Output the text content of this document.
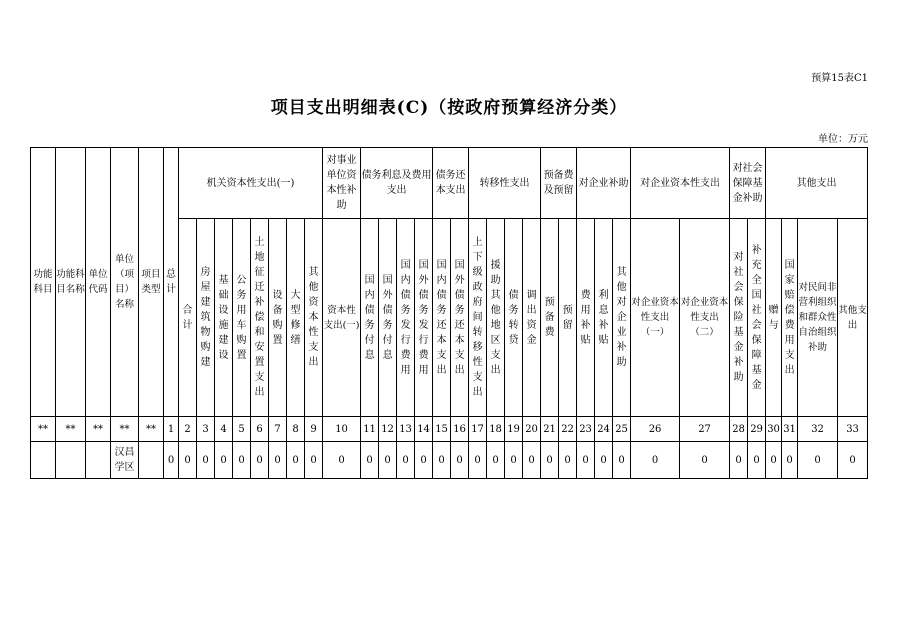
预算15表C1
项目支出明细表(C)（按政府预算经济分类）
单位：万元
功能科目	功能科目名称	单位代码	单位（项目）名称	项目类型	总计	机关资本性支出(一)								对事业单位资本性补助	债务利息及费用支出				债务还本支出		转移性支出				预备费及预留		对企业补助			对企业资本性支出		对社会保障基金补助		其他支出			
						合计	房屋建筑物购建	基础设施建设	公务用车购置	土地征迁补偿和安置支出	设备购置	大型修缮	其他资本性支出	资本性支出(一)	国内债务付息	国外债务付息	国内债务发行费用	国外债务发行费用	国内债务还本支出	国外债务还本支出	上下级政府间转移性支出	援助其他地区支出	债务转贷	调出资金	预备费	预留	费用补贴	利息补贴	其他对企业补助	对企业资本性支出（一）	对企业资本性支出（二）	对社会保险基金补助	补充全国社会保障基金	赠与	国家赔偿费用支出	对民间非营利组织和群众性自治组织补助	其他支出
**	**	**	**	**	1	2	3	4	5	6	7	8	9	10	11	12	13	14	15	16	17	18	19	20	21	22	23	24	25	26	27	28	29	30	31	32	33
			汉昌学区		0	0	0	0	0	0	0	0	0	0	0	0	0	0	0	0	0	0	0	0	0	0	0	0	0	0	0	0	0	0	0	0	0
